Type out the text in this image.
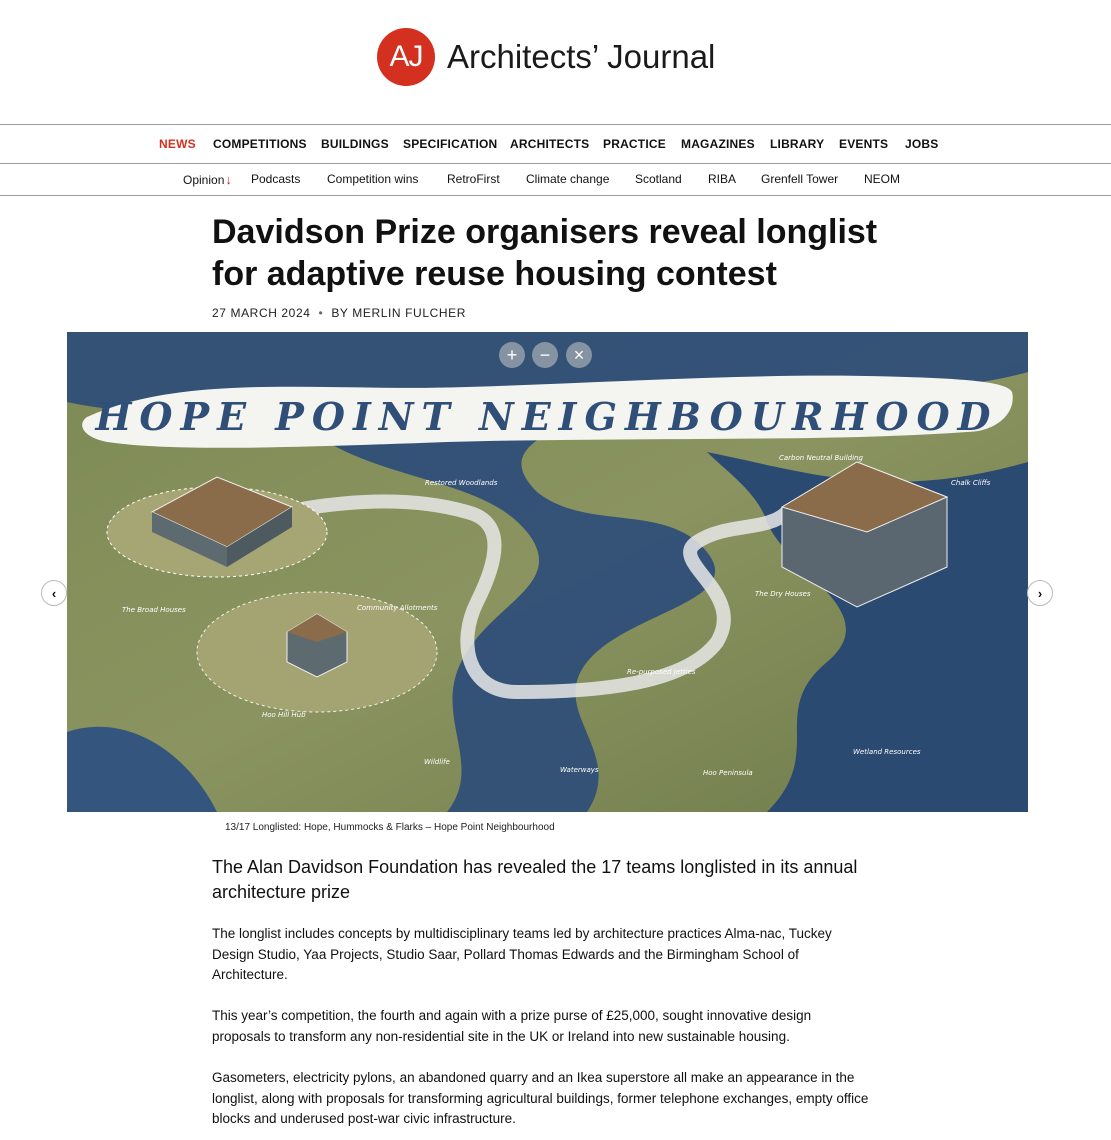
AJ Architects’ Journal
NEWS COMPETITIONS BUILDINGS SPECIFICATION ARCHITECTS PRACTICE MAGAZINES LIBRARY EVENTS JOBS
Opinion↓ Podcasts Competition wins RetroFirst Climate change Scotland RIBA Grenfell Tower NEOM
Davidson Prize organisers reveal longlist for adaptive reuse housing contest
27 MARCH 2024 • BY MERLIN FULCHER
HOPE POINT NEIGHBOURHOOD
Restored Woodlands
Carbon Neutral Building
Chalk Cliffs
The Broad Houses	Community Allotments
The Dry Houses
Re-purposed Jetties
Hoo Hill Hub
Wildlife
Waterways	Hoo Peninsula
Wetland Resources
+	−	×
‹	›
13/17 Longlisted: Hope, Hummocks & Flarks – Hope Point Neighbourhood

The Alan Davidson Foundation has revealed the 17 teams longlisted in its annual architecture prize

The longlist includes concepts by multidisciplinary teams led by architecture practices Alma-nac, Tuckey Design Studio, Yaa Projects, Studio Saar, Pollard Thomas Edwards and the Birmingham School of Architecture.

This year’s competition, the fourth and again with a prize purse of £25,000, sought innovative design proposals to transform any non-residential site in the UK or Ireland into new sustainable housing.

Gasometers, electricity pylons, an abandoned quarry and an Ikea superstore all make an appearance in the longlist, along with proposals for transforming agricultural buildings, former telephone exchanges, empty office blocks and underused post-war civic infrastructure.
